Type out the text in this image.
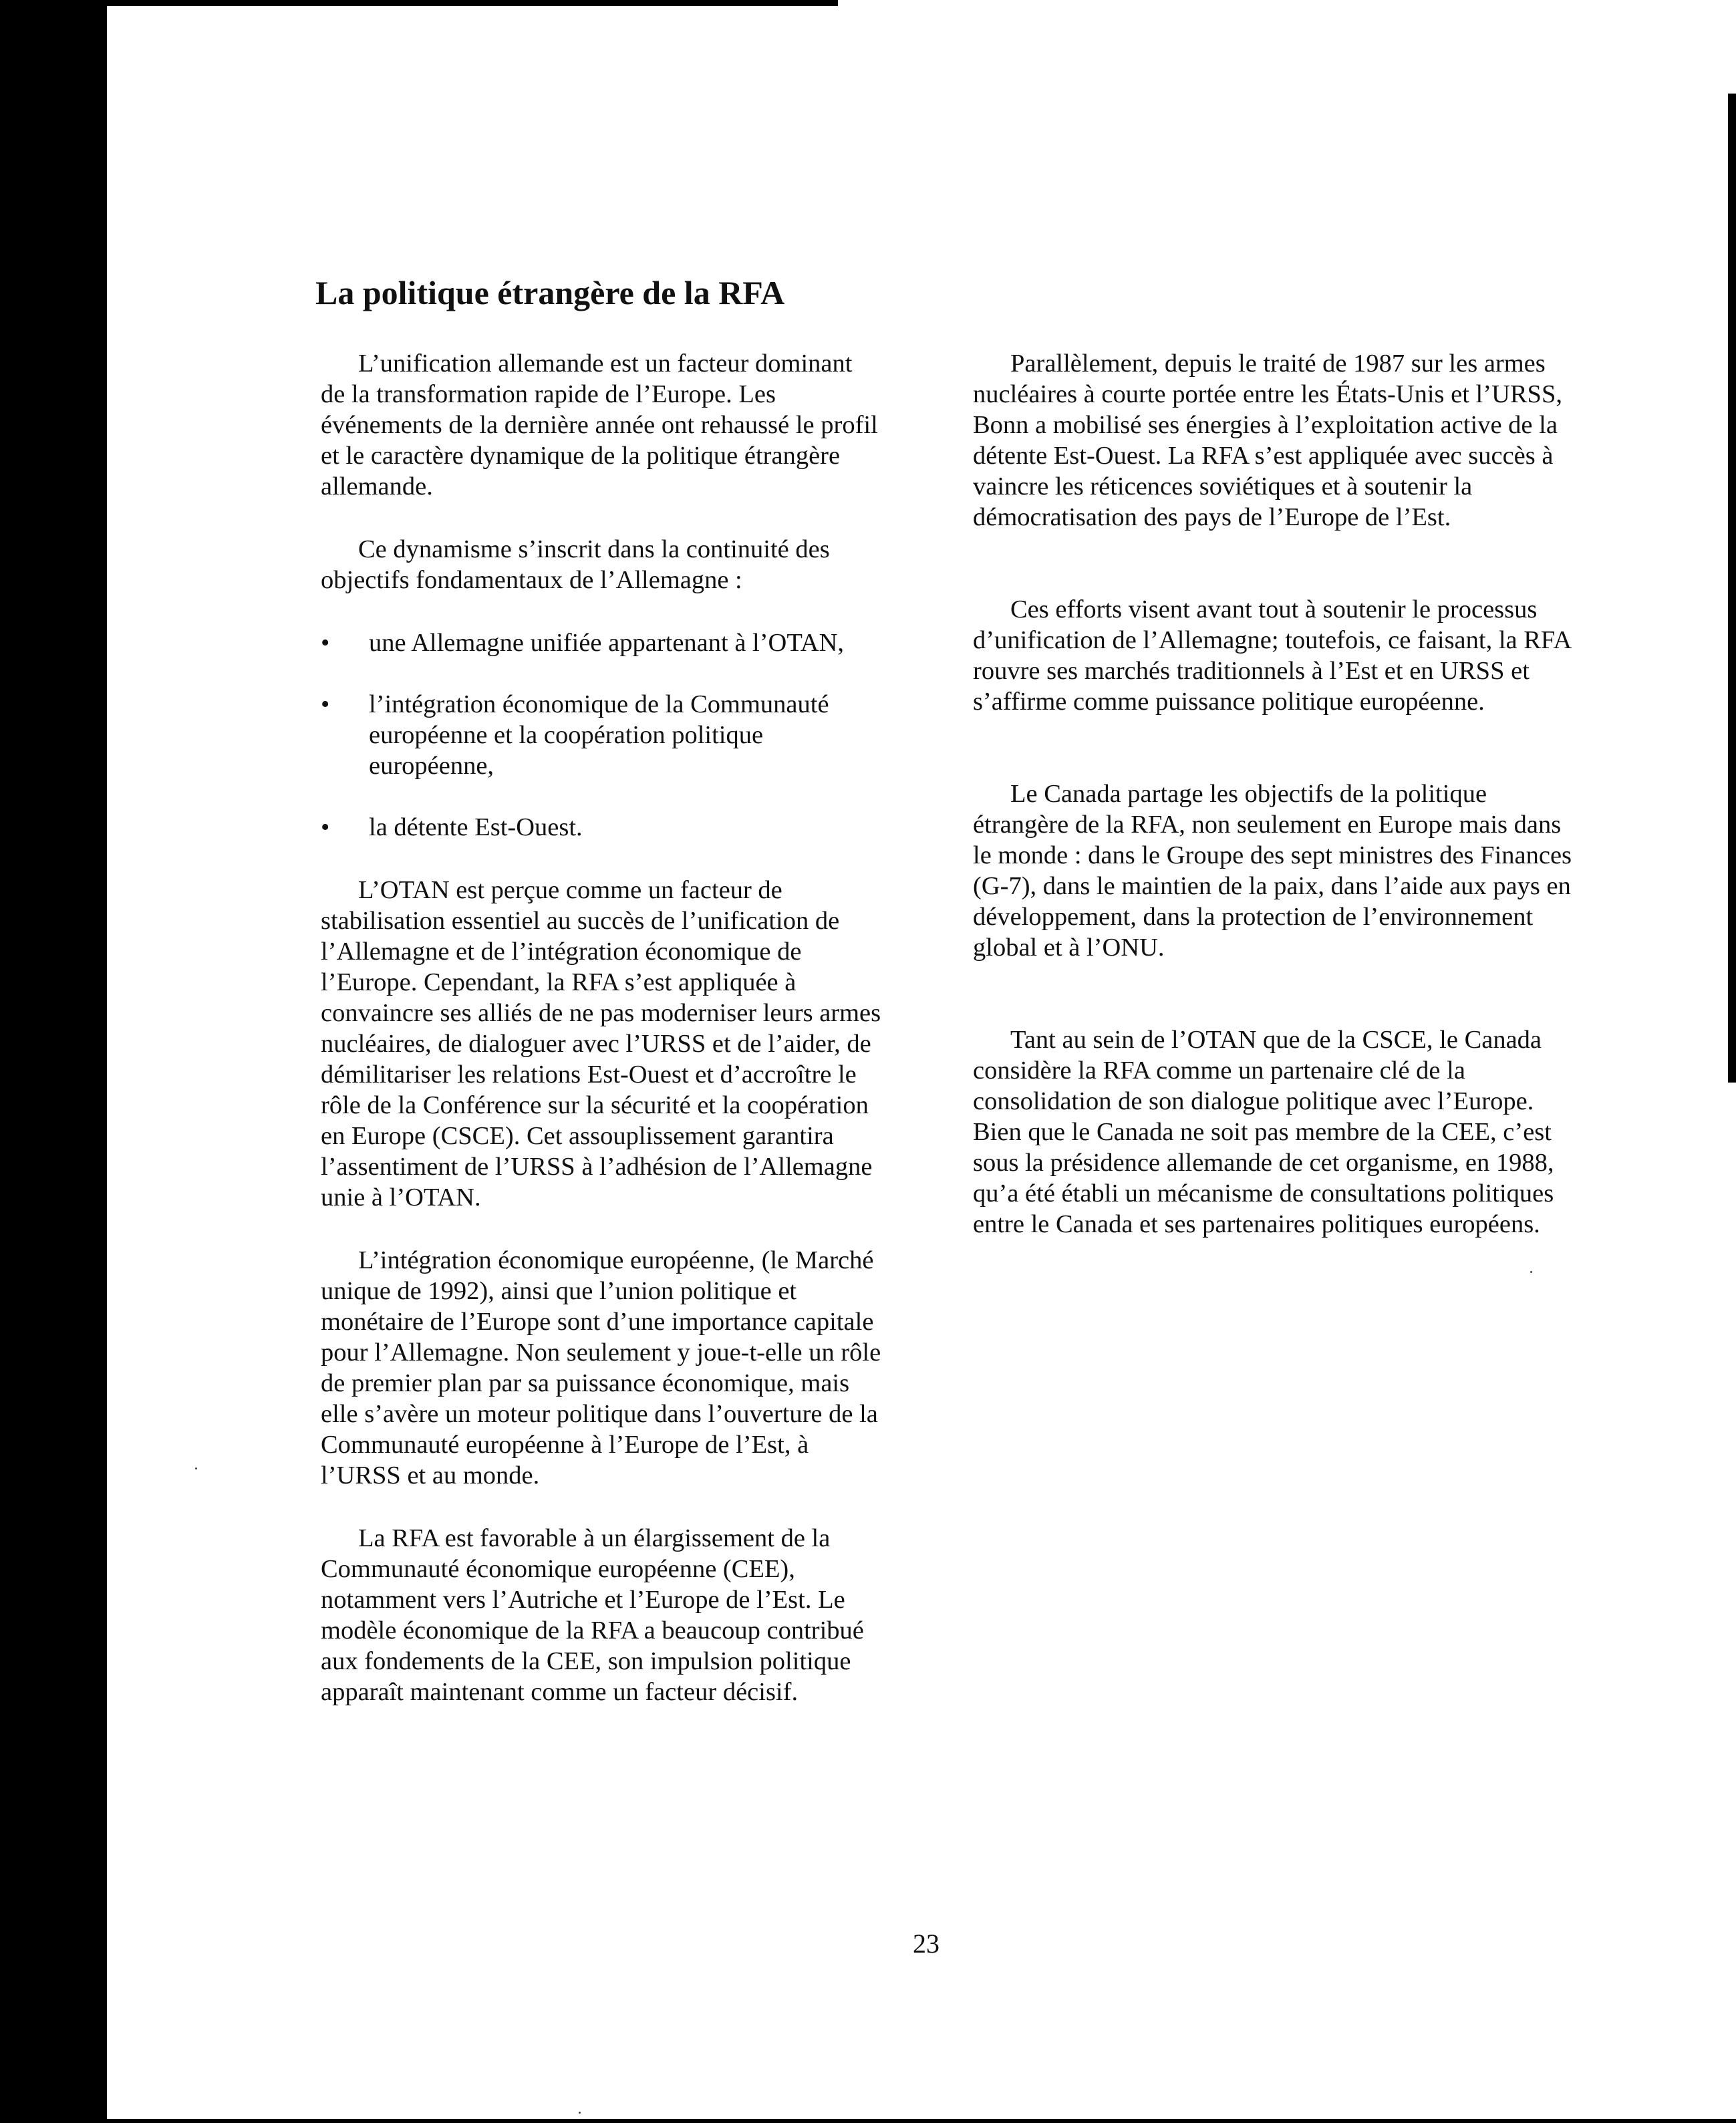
La politique étrangère de la RFA

L’unification allemande est un facteur dominant de la transformation rapide de l’Europe. Les événements de la dernière année ont rehaussé le profil et le caractère dynamique de la politique étrangère allemande.

Ce dynamisme s’inscrit dans la continuité des objectifs fondamentaux de l’Allemagne :

• une Allemagne unifiée appartenant à l’OTAN,
• l’intégration économique de la Communauté européenne et la coopération politique européenne,
• la détente Est-Ouest.

L’OTAN est perçue comme un facteur de stabilisation essentiel au succès de l’unification de l’Allemagne et de l’intégration économique de l’Europe. Cependant, la RFA s’est appliquée à convaincre ses alliés de ne pas moderniser leurs armes nucléaires, de dialoguer avec l’URSS et de l’aider, de démilitariser les relations Est-Ouest et d’accroître le rôle de la Conférence sur la sécurité et la coopération en Europe (CSCE). Cet assouplissement garantira l’assentiment de l’URSS à l’adhésion de l’Allemagne unie à l’OTAN.

L’intégration économique européenne, (le Marché unique de 1992), ainsi que l’union politique et monétaire de l’Europe sont d’une importance capitale pour l’Allemagne. Non seulement y joue-t-elle un rôle de premier plan par sa puissance économique, mais elle s’avère un moteur politique dans l’ouverture de la Communauté européenne à l’Europe de l’Est, à l’URSS et au monde.

La RFA est favorable à un élargissement de la Communauté économique européenne (CEE), notamment vers l’Autriche et l’Europe de l’Est. Le modèle économique de la RFA a beaucoup contribué aux fondements de la CEE, son impulsion politique apparaît maintenant comme un facteur décisif.

Parallèlement, depuis le traité de 1987 sur les armes nucléaires à courte portée entre les États-Unis et l’URSS, Bonn a mobilisé ses énergies à l’exploitation active de la détente Est-Ouest. La RFA s’est appliquée avec succès à vaincre les réticences soviétiques et à soutenir la démocratisation des pays de l’Europe de l’Est.

Ces efforts visent avant tout à soutenir le processus d’unification de l’Allemagne; toutefois, ce faisant, la RFA rouvre ses marchés traditionnels à l’Est et en URSS et s’affirme comme puissance politique européenne.

Le Canada partage les objectifs de la politique étrangère de la RFA, non seulement en Europe mais dans le monde : dans le Groupe des sept ministres des Finances (G-7), dans le maintien de la paix, dans l’aide aux pays en développement, dans la protection de l’environnement global et à l’ONU.

Tant au sein de l’OTAN que de la CSCE, le Canada considère la RFA comme un partenaire clé de la consolidation de son dialogue politique avec l’Europe. Bien que le Canada ne soit pas membre de la CEE, c’est sous la présidence allemande de cet organisme, en 1988, qu’a été établi un mécanisme de consultations politiques entre le Canada et ses partenaires politiques européens.

23
